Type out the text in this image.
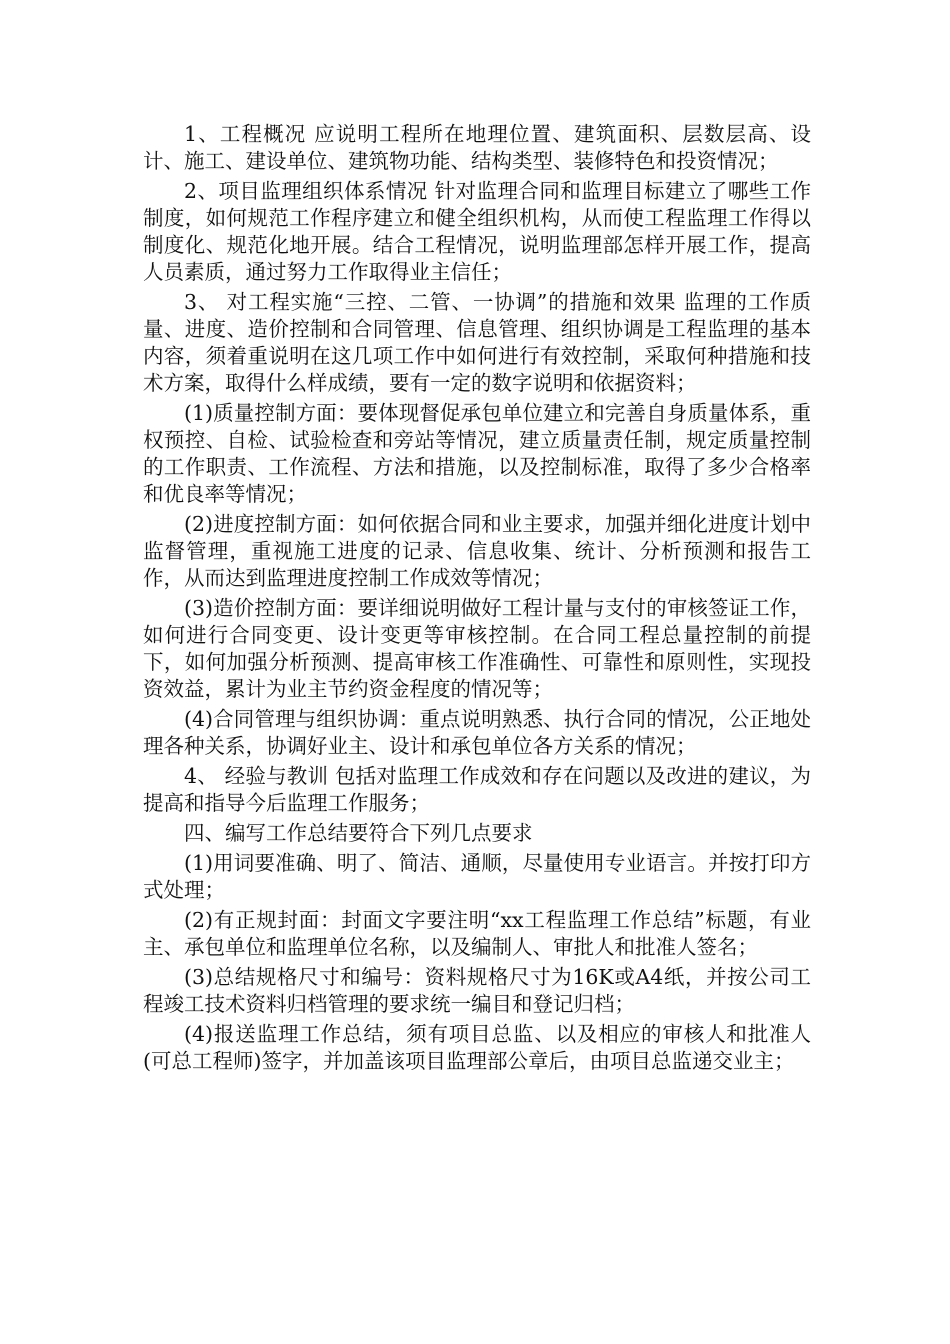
1、工程概况 应说明工程所在地理位置、建筑面积、层数层高、设计、施工、建设单位、建筑物功能、结构类型、装修特色和投资情况；

2、项目监理组织体系情况 针对监理合同和监理目标建立了哪些工作制度，如何规范工作程序建立和健全组织机构，从而使工程监理工作得以制度化、规范化地开展。结合工程情况，说明监理部怎样开展工作，提高人员素质，通过努力工作取得业主信任；

3、 对工程实施“三控、二管、一协调”的措施和效果 监理的工作质量、进度、造价控制和合同管理、信息管理、组织协调是工程监理的基本内容，须着重说明在这几项工作中如何进行有效控制，采取何种措施和技术方案，取得什么样成绩，要有一定的数字说明和依据资料；

(1)质量控制方面：要体现督促承包单位建立和完善自身质量体系，重权预控、自检、试验检查和旁站等情况，建立质量责任制，规定质量控制的工作职责、工作流程、方法和措施，以及控制标准，取得了多少合格率和优良率等情况；

(2)进度控制方面：如何依据合同和业主要求，加强并细化进度计划中监督管理，重视施工进度的记录、信息收集、统计、分析预测和报告工作，从而达到监理进度控制工作成效等情况；

(3)造价控制方面：要详细说明做好工程计量与支付的审核签证工作，如何进行合同变更、设计变更等审核控制。在合同工程总量控制的前提下，如何加强分析预测、提高审核工作准确性、可靠性和原则性，实现投资效益，累计为业主节约资金程度的情况等；

(4)合同管理与组织协调：重点说明熟悉、执行合同的情况，公正地处理各种关系，协调好业主、设计和承包单位各方关系的情况；

4、 经验与教训 包括对监理工作成效和存在问题以及改进的建议，为提高和指导今后监理工作服务；

四、编写工作总结要符合下列几点要求

(1)用词要准确、明了、简洁、通顺，尽量使用专业语言。并按打印方式处理；

(2)有正规封面：封面文字要注明“xx工程监理工作总结”标题，有业主、承包单位和监理单位名称，以及编制人、审批人和批准人签名；

(3)总结规格尺寸和编号：资料规格尺寸为16K或A4纸，并按公司工程竣工技术资料归档管理的要求统一编目和登记归档；

(4)报送监理工作总结，须有项目总监、以及相应的审核人和批准人(可总工程师)签字，并加盖该项目监理部公章后，由项目总监递交业主；
